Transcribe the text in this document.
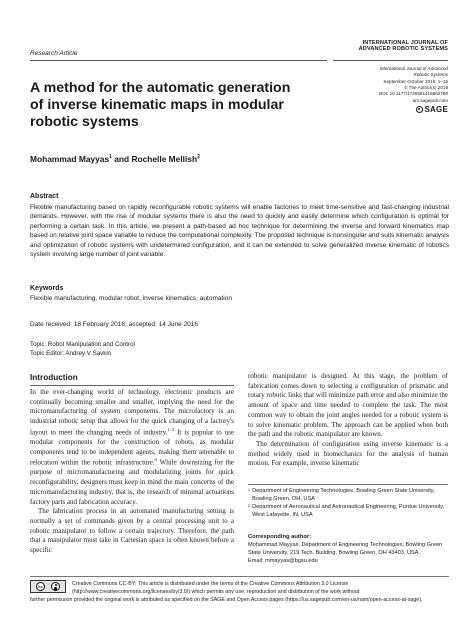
Research Article
INTERNATIONAL JOURNAL OF
ADVANCED ROBOTIC SYSTEMS
International Journal of Advanced
Robotic Systems
September-October 2016: 1–15
© The Author(s) 2016
DOI: 10.1177/1729881416662790
arx.sagepub.com
SAGE
A method for the automatic generation
of inverse kinematic maps in modular
robotic systems
Mohammad Mayyas$^1$ and Rochelle Mellish$^2$
Abstract
Flexible manufacturing based on rapidly reconfigurable robotic systems will enable factories to meet time-sensitive and fast-changing industrial demands. However, with the rise of modular systems there is also the need to quickly and easily determine which configuration is optimal for performing a certain task. In this article, we present a path-based ad hoc technique for determining the inverse and forward kinematics map based on relative joint space variable to reduce the computational complexity. The proposed technique is nonsingular and suits kinematic analysis and optimization of robotic systems with undetermined configuration, and it can be extended to solve generalized inverse kinematic of robotics system involving large number of joint variable.
Keywords
Flexible manufacturing, modular robot, inverse kinematics, automation
Date received: 18 February 2016; accepted: 14 June 2016
Topic: Robot Manipulation and Control
Topic Editor: Andrey V Savkin
Introduction

In the ever-changing world of technology, electronic products are continually becoming smaller and smaller, implying the need for the micromanufacturing of system components. The microfactory is an industrial robotic setup that allows for the quick changing of a factory's layout to meet the changing needs of industry.$^{1-3}$ It is popular to use modular components for the construction of robots, as modular components tend to be independent agents, making them amenable to relocation within the robotic infrastructure.$^4$ While downsizing for the purpose of micromanufacturing and modularizing joints for quick reconfigurability, designers must keep in mind the main concerns of the micromanufacturing industry, that is, the research of minimal actuations factory parts and fabrication accuracy.

The fabrication process in an automated manufacturing setting is normally a set of commands given by a central processing unit to a robotic manipulator to follow a certain trajectory. Therefore, the path that a manipulator must take in Cartesian space is often known before a specific

robotic manipulator is designed. At this stage, the problem of fabrication comes down to selecting a configuration of prismatic and rotary robotic links that will minimize path error and also minimize the amount of space and time needed to complete the task. The most common way to obtain the joint angles needed for a robotic system is to solve kinematic problem. The approach can be applied when both the path and the robotic manipulator are known.

The determination of configuration using inverse kinematic is a method widely used in biomechanics for the analysis of human motion. For example, inverse kinematic

1 Department of Engineering Technologies, Bowling Green State University, Bowling Green, OH, USA
2 Department of Aeronautical and Astronautical Engineering, Purdue University, West Lafayette, IN, USA
Corresponding author:
Mohammad Mayyas, Department of Engineering Technologies, Bowling Green State University, 219 Tech. Building, Bowling Green, OH 43403, USA.
Email: mmayyas@bgsu.edu
cc	Creative Commons CC-BY: This article is distributed under the terms of the Creative Commons Attribution 3.0 License (http://www.creativecommons.org/licenses/by/3.0/) which permits any use, reproduction and distribution of the work without
further permission provided the original work is attributed as specified on the SAGE and Open Access pages (https://us.sagepub.com/en-us/nam/open-access-at-sage).
